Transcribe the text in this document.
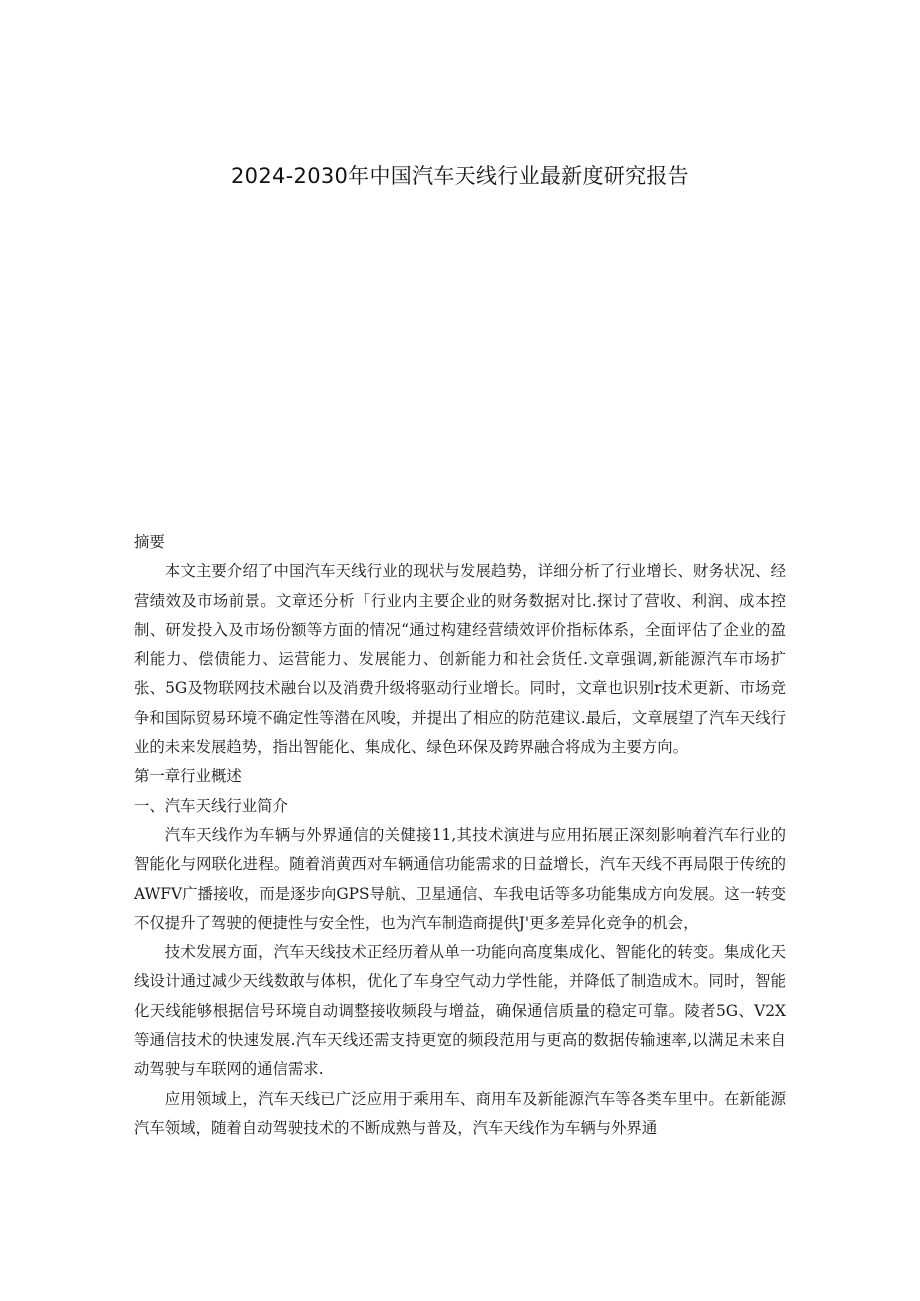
2024-2030年中国汽车天线行业最新度研究报告

摘要

本文主要介绍了中国汽车天线行业的现状与发展趋势，详细分析了行业增长、财务状况、经营绩效及市场前景。文章还分析「行业内主要企业的财务数据对比.探讨了营收、利润、成本控制、研发投入及市场份额等方面的情况“通过构建经营绩效评价指标体系，全面评估了企业的盈利能力、偿债能力、运营能力、发展能力、创新能力和社会货任.文章强调,新能源汽车市场扩张、5G及物联网技术融台以及消费升级将驱动行业增长。同时，文章也识别r技术更新、市场竞争和国际贸易环境不确定性等潜在风唆，并提出了相应的防范建议.最后，文章展望了汽车天线行业的未来发展趋势，指出智能化、集成化、绿色环保及跨界融合将成为主要方向。

第一章行业概述

一、汽车天线行业简介

汽车天线作为车辆与外界通信的关健接11,其技术演进与应用拓展正深刻影响着汽车行业的智能化与网联化进程。随着消黄西对车辆通信功能需求的日益增长，汽车天线不再局限于传统的AWFV广播接收，而是逐步向GPS导航、卫星通信、车我电话等多功能集成方向发展。这一转变不仅提升了驾驶的便捷性与安全性，也为汽车制造商提供J'更多差异化竞争的机会，

技术发展方面，汽车天线技术正经历着从单一功能向高度集成化、智能化的转变。集成化天线设计通过减少天线数敢与体枳，优化了车身空气动力学性能，并降低了制造成木。同时，智能化天线能够根据信号环境自动调整接收频段与增益，确保通信质量的稳定可靠。陵者5G、V2X等通信技术的快速发展.汽车天线还需支持更宽的频段范用与更高的数据传输速率,以满足未来自动驾驶与车联网的通信需求.

应用领域上，汽车天线已广泛应用于乘用车、商用车及新能源汽车等各类车里中。在新能源汽车领域，随着自动驾驶技术的不断成熟与普及，汽车天线作为车辆与外界通
